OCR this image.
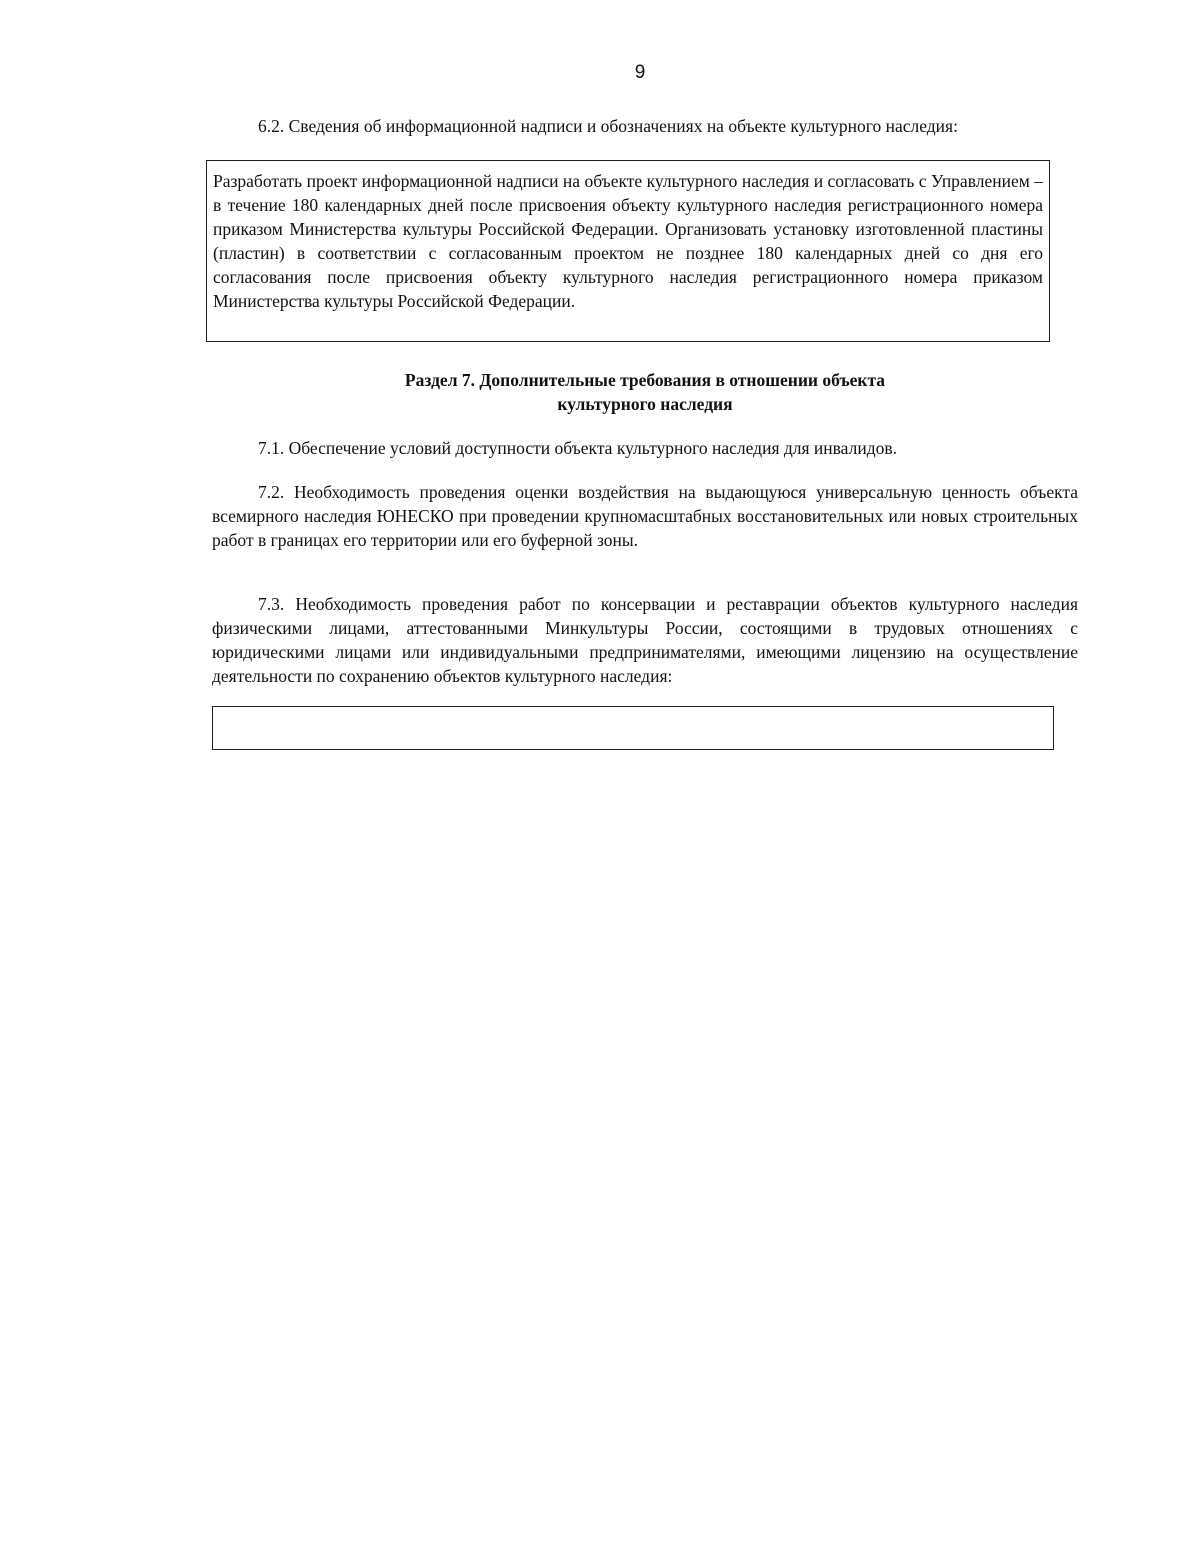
9
6.2. Сведения об информационной надписи и обозначениях на объекте культурного наследия:
Разработать проект информационной надписи на объекте культурного наследия и согласовать с Управлением – в течение 180 календарных дней после присвоения объекту культурного наследия регистрационного номера приказом Министерства культуры Российской Федерации. Организовать установку изготовленной пластины (пластин) в соответствии с согласованным проектом не позднее 180 календарных дней со дня его согласования после присвоения объекту культурного наследия регистрационного номера приказом Министерства культуры Российской Федерации.
Раздел 7. Дополнительные требования в отношении объекта
культурного наследия
7.1. Обеспечение условий доступности объекта культурного наследия для инвалидов.
7.2. Необходимость проведения оценки воздействия на выдающуюся универсальную ценность объекта всемирного наследия ЮНЕСКО при проведении крупномасштабных восстановительных или новых строительных работ в границах его территории или его буферной зоны.
7.3. Необходимость проведения работ по консервации и реставрации объектов культурного наследия физическими лицами, аттестованными Минкультуры России, состоящими в трудовых отношениях с юридическими лицами или индивидуальными предпринимателями, имеющими лицензию на осуществление деятельности по сохранению объектов культурного наследия:
